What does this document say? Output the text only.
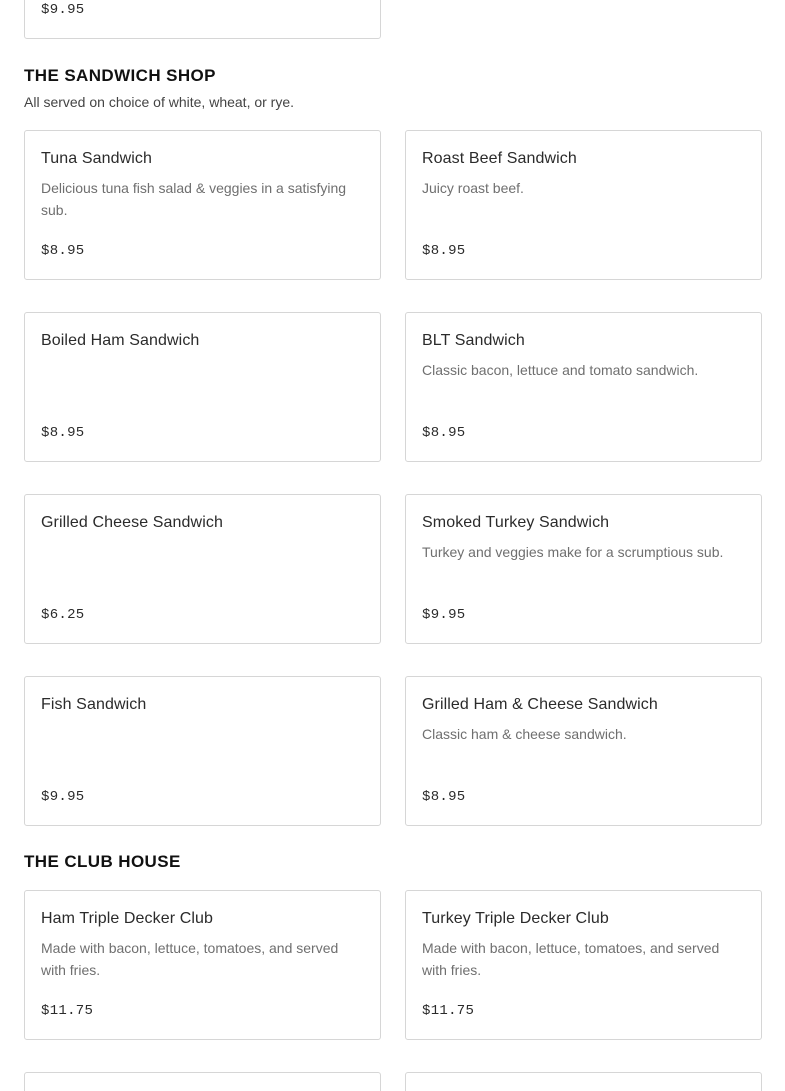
$9.95
THE SANDWICH SHOP
All served on choice of white, wheat, or rye.
Tuna Sandwich
Delicious tuna fish salad & veggies in a satisfying sub.
$8.95
Roast Beef Sandwich
Juicy roast beef.
$8.95
Boiled Ham Sandwich
$8.95
BLT Sandwich
Classic bacon, lettuce and tomato sandwich.
$8.95
Grilled Cheese Sandwich
$6.25
Smoked Turkey Sandwich
Turkey and veggies make for a scrumptious sub.
$9.95
Fish Sandwich
$9.95
Grilled Ham & Cheese Sandwich
Classic ham & cheese sandwich.
$8.95
THE CLUB HOUSE
Ham Triple Decker Club
Made with bacon, lettuce, tomatoes, and served with fries.
$11.75
Turkey Triple Decker Club
Made with bacon, lettuce, tomatoes, and served with fries.
$11.75
